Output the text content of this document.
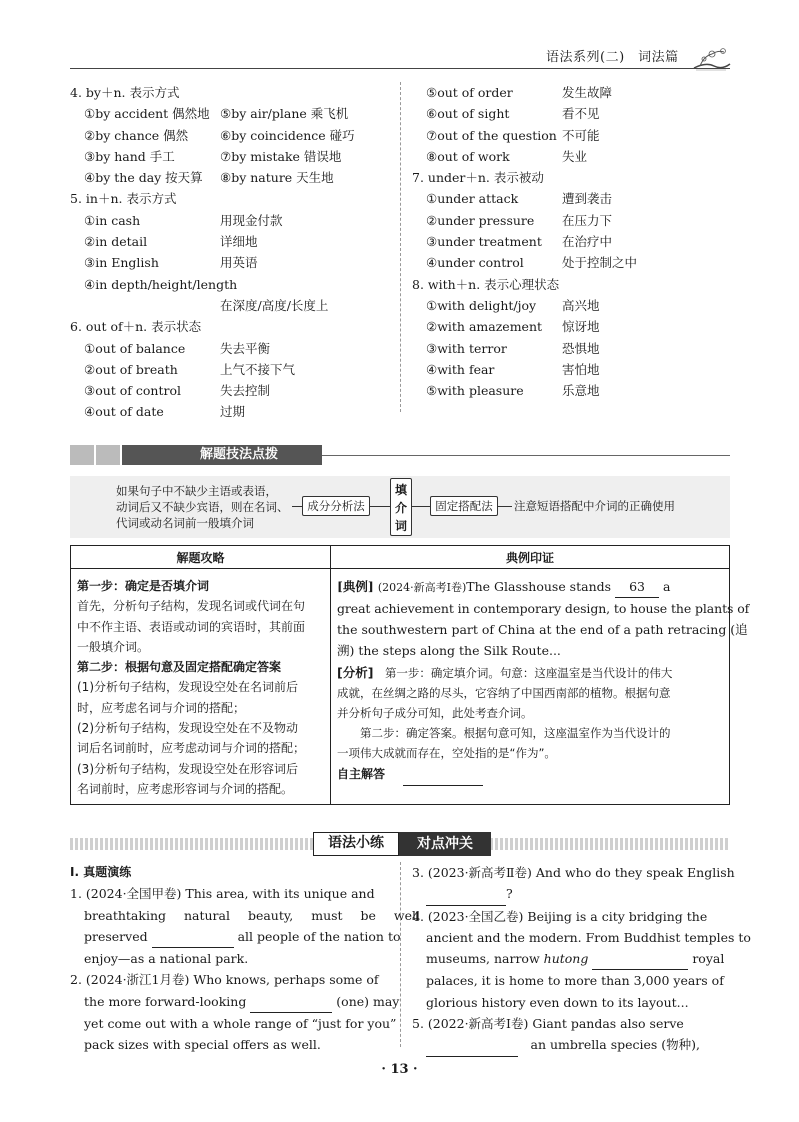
语法系列(二)　词法篇
4. by＋n. 表示方式
①by accident 偶然地 ⑤by air/plane 乘飞机
②by chance 偶然	⑥by coincidence 碰巧
③by hand 手工	⑦by mistake 错误地
④by the day 按天算 ⑧by nature 天生地
5. in＋n. 表示方式
①in cash	用现金付款
②in detail	详细地
③in English	用英语
④in depth/height/length
在深度/高度/长度上
6. out of＋n. 表示状态
①out of balance	失去平衡
②out of breath	上气不接下气
③out of control	失去控制
④out of date	过期
⑤out of order	发生故障
⑥out of sight	看不见
⑦out of the question 不可能
⑧out of work	失业
7. under＋n. 表示被动
①under attack	遭到袭击
②under pressure 在压力下
③under treatment 在治疗中
④under control	处于控制之中
8. with＋n. 表示心理状态
①with delight/joy 高兴地
②with amazement 惊讶地
③with terror	恐惧地
④with fear	害怕地
⑤with pleasure	乐意地
解题技法点拨
如果句子中不缺少主语或表语，
动词后又不缺少宾语，则在名词、
代词或动名词前一般填介词
成分分析法
填
介
词
固定搭配法	注意短语搭配中介词的正确使用
解题攻略	典例印证
第一步：确定是否填介词
首先，分析句子结构，发现名词或代词在句
中不作主语、表语或动词的宾语时，其前面
一般填介词。
第二步：根据句意及固定搭配确定答案
(1)分析句子结构，发现设空处在名词前后
时，应考虑名词与介词的搭配；
(2)分析句子结构，发现设空处在不及物动
词后名词前时，应考虑动词与介词的搭配；
(3)分析句子结构，发现设空处在形容词后
名词前时，应考虑形容词与介词的搭配。
[典例] (2024·新高考Ⅰ卷)The Glasshouse stands 63 a
great achievement in contemporary design, to house the plants of
the southwestern part of China at the end of a path retracing (追
溯) the steps along the Silk Route...
[分析]　 第一步：确定填介词。句意：这座温室是当代设计的伟大
成就，在丝绸之路的尽头，它容纳了中国西南部的植物。根据句意
并分析句子成分可知，此处考查介词。
　　第二步：确定答案。根据句意可知，这座温室作为当代设计的
一项伟大成就而存在，空处指的是“作为”。
自主解答
语法小练	对点冲关
Ⅰ. 真题演练

1. (2024·全国甲卷) This area, with its unique and

breathtaking natural beauty, must be well

preserved	all people of the nation to

enjoy—as a national park.

2. (2024·浙江1月卷) Who knows, perhaps some of

the more forward-looking	(one) may

yet come out with a whole range of “just for you”

pack sizes with special offers as well.

3. (2023·新高考Ⅱ卷) And who do they speak English

?

4. (2023·全国乙卷) Beijing is a city bridging the

ancient and the modern. From Buddhist temples to

museums, narrow hutong	royal

palaces, it is home to more than 3,000 years of

glorious history even down to its layout...

5. (2022·新高考Ⅰ卷) Giant pandas also serve

　an umbrella species (物种),

· 13 ·
